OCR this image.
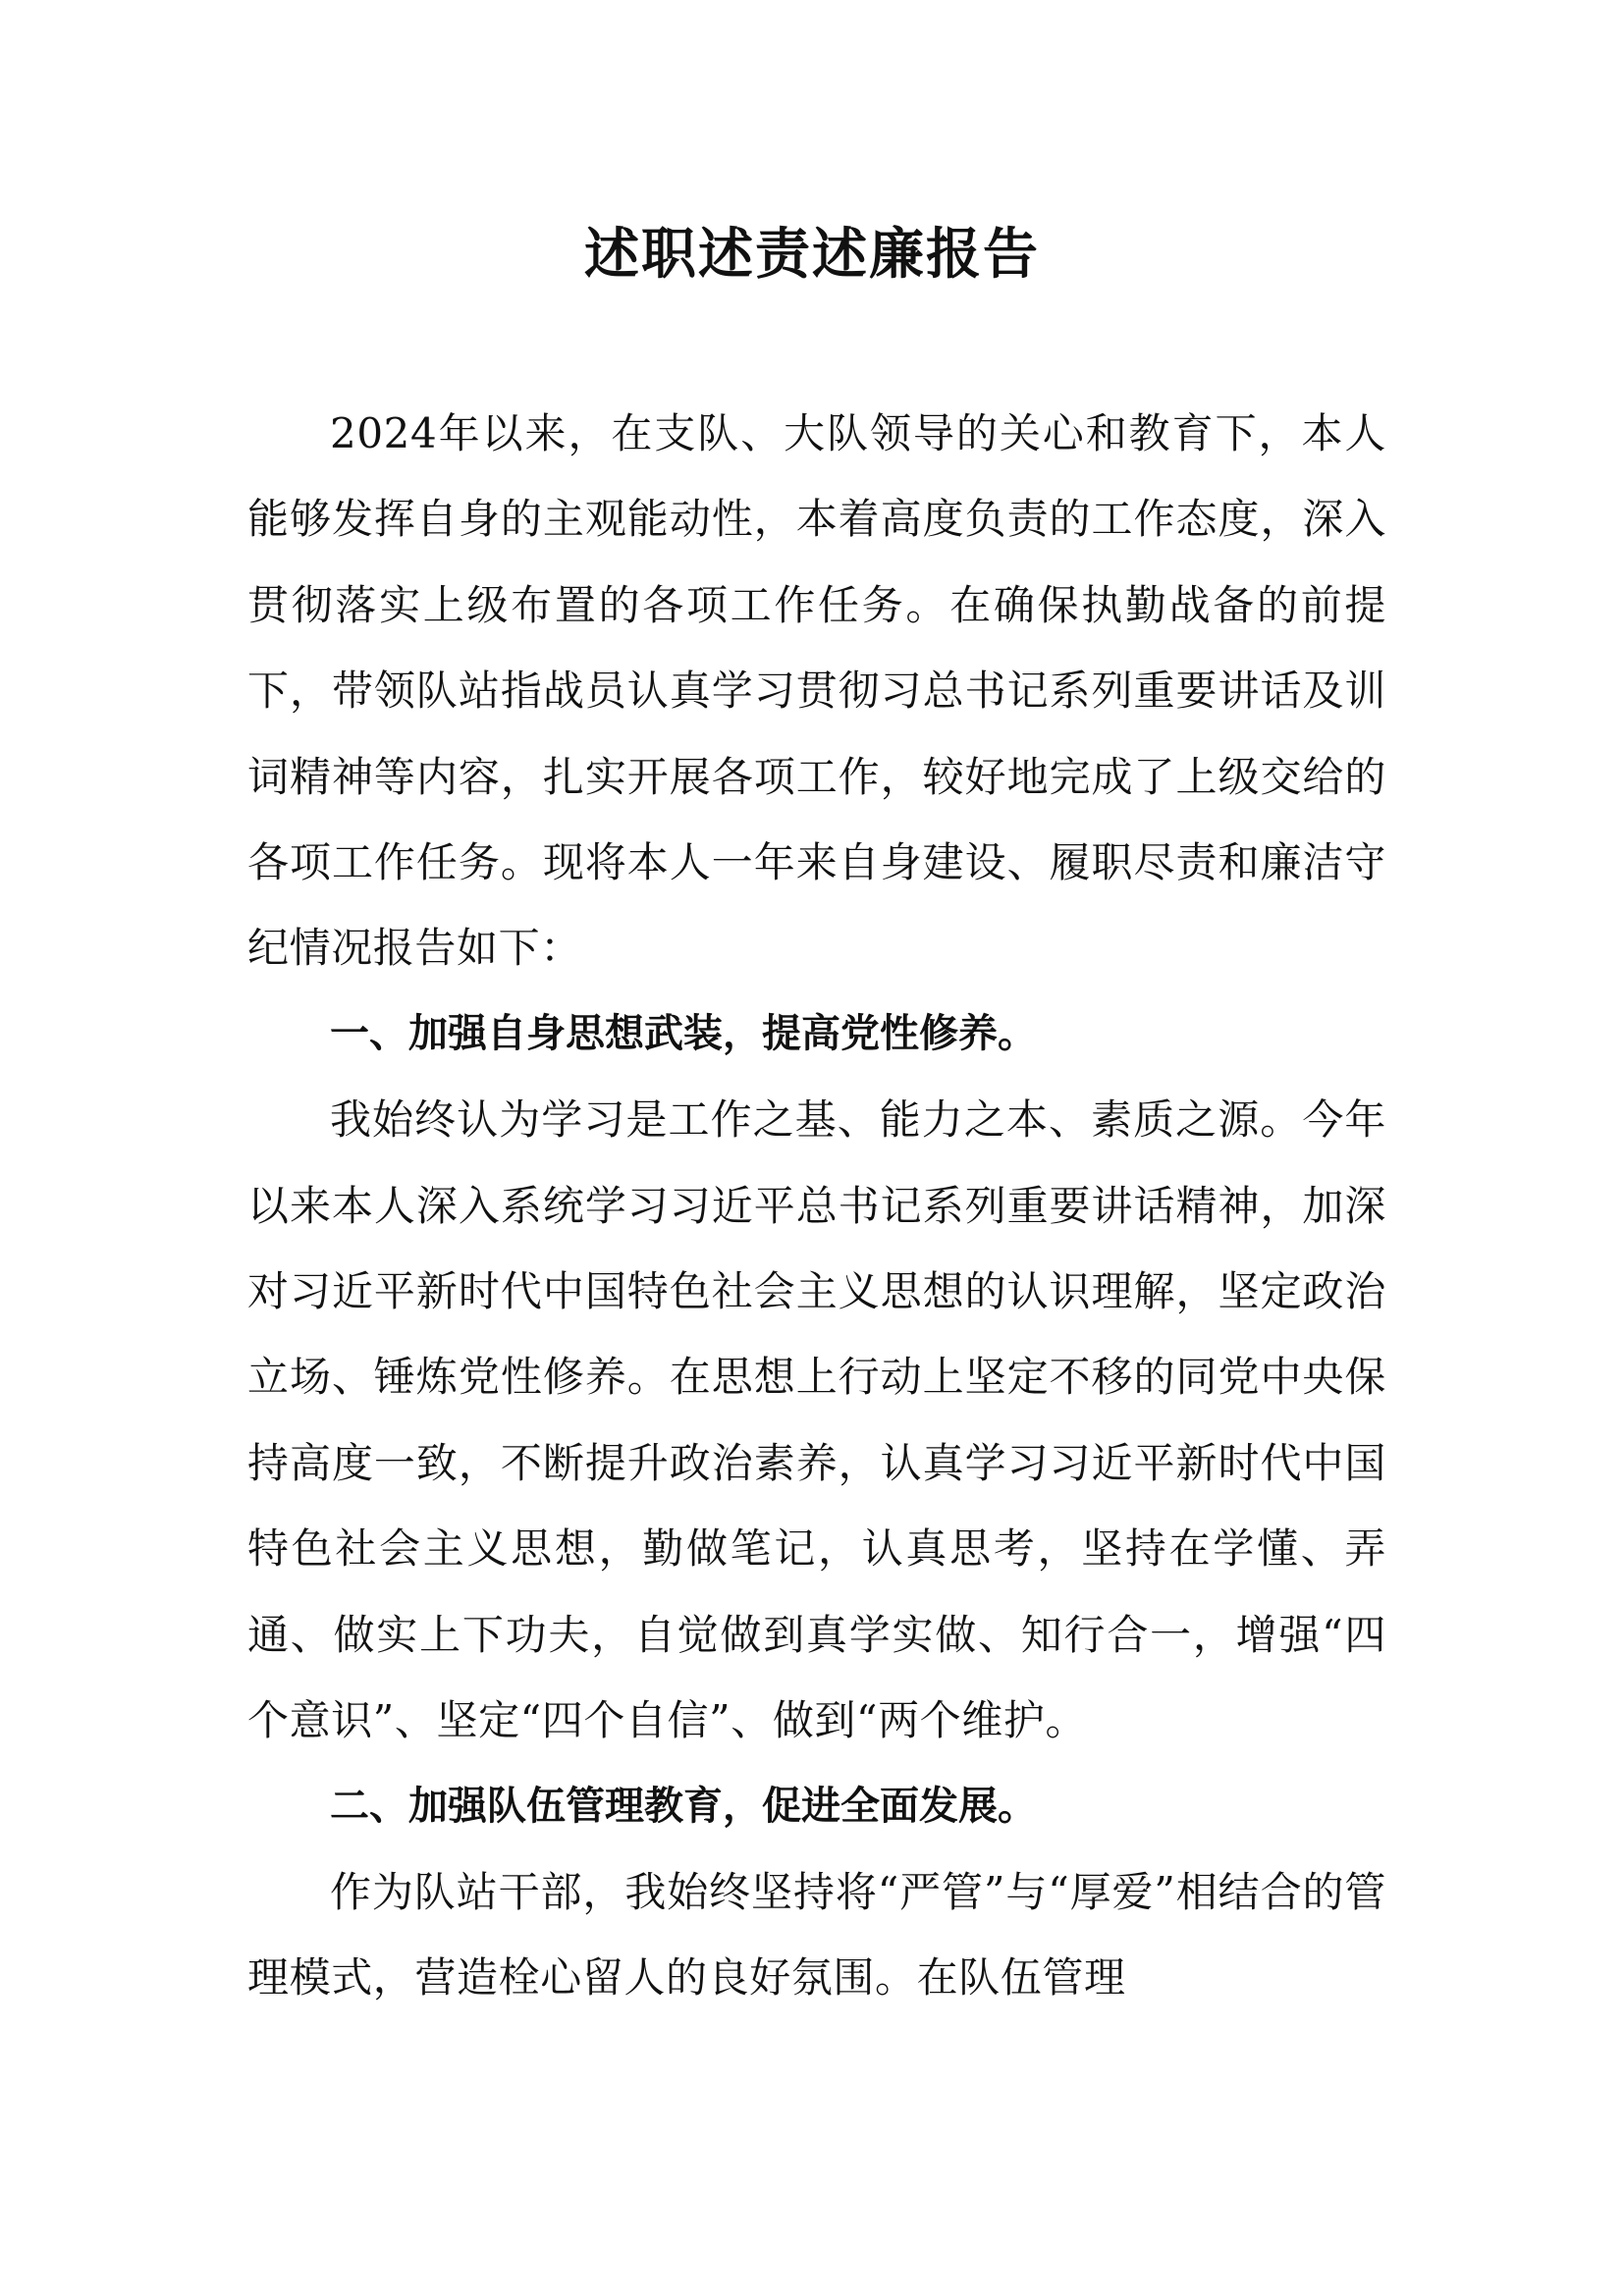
述职述责述廉报告

2024年以来，在支队、大队领导的关心和教育下，本人能够发挥自身的主观能动性，本着高度负责的工作态度，深入贯彻落实上级布置的各项工作任务。在确保执勤战备的前提下，带领队站指战员认真学习贯彻习总书记系列重要讲话及训词精神等内容，扎实开展各项工作，较好地完成了上级交给的各项工作任务。现将本人一年来自身建设、履职尽责和廉洁守纪情况报告如下：

一、加强自身思想武装，提高党性修养。

我始终认为学习是工作之基、能力之本、素质之源。今年以来本人深入系统学习习近平总书记系列重要讲话精神，加深对习近平新时代中国特色社会主义思想的认识理解，坚定政治立场、锤炼党性修养。在思想上行动上坚定不移的同党中央保持高度一致，不断提升政治素养，认真学习习近平新时代中国特色社会主义思想，勤做笔记，认真思考，坚持在学懂、弄通、做实上下功夫，自觉做到真学实做、知行合一，增强“四个意识”、坚定“四个自信”、做到“两个维护。

二、加强队伍管理教育，促进全面发展。

作为队站干部，我始终坚持将“严管”与“厚爱”相结合的管理模式，营造栓心留人的良好氛围。在队伍管理
